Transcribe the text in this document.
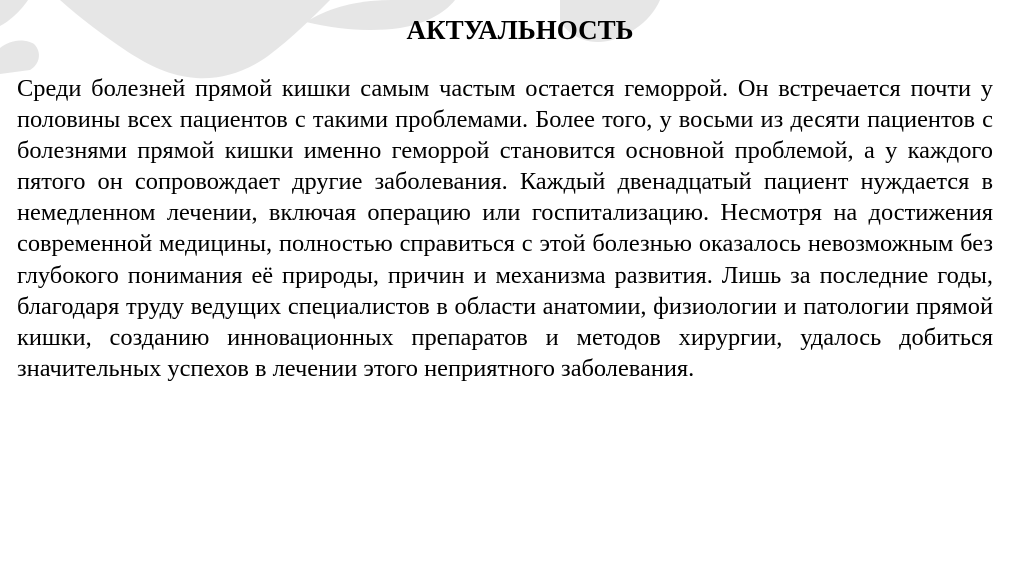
АКТУАЛЬНОСТЬ

Среди болезней прямой кишки самым частым остается геморрой. Он встречается почти у половины всех пациентов с такими проблемами. Более того, у восьми из десяти пациентов с болезнями прямой кишки именно геморрой становится основной проблемой, а у каждого пятого он сопровождает другие заболевания. Каждый двенадцатый пациент нуждается в немедленном лечении, включая операцию или госпитализацию. Несмотря на достижения современной медицины, полностью справиться с этой болезнью оказалось невозможным без глубокого понимания её природы, причин и механизма развития. Лишь за последние годы, благодаря труду ведущих специалистов в области анатомии, физиологии и патологии прямой кишки, созданию инновационных препаратов и методов хирургии, удалось добиться значительных успехов в лечении этого неприятного заболевания.
